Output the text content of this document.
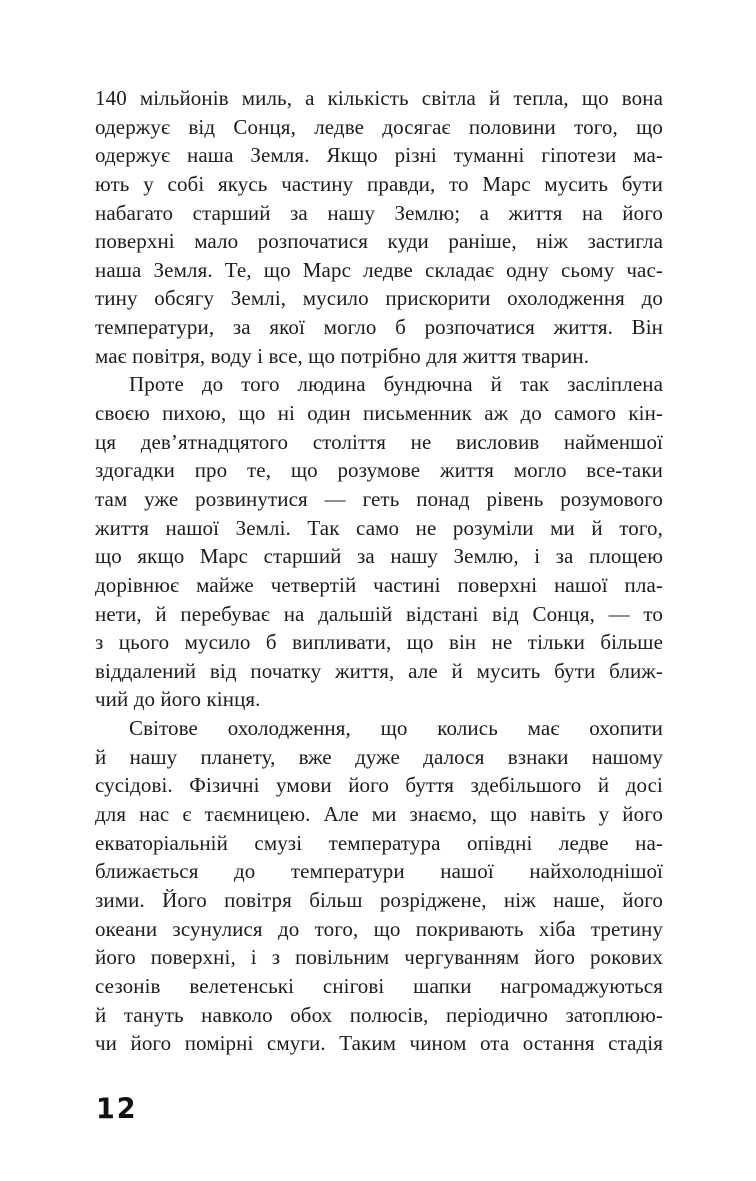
140 мільйонів миль, а кількість світла й тепла, що вона
одержує від Сонця, ледве досягає половини того, що
одержує наша Земля. Якщо різні туманні гіпотези ма-
ють у собі якусь частину правди, то Марс мусить бути
набагато старший за нашу Землю; а життя на його
поверхні мало розпочатися куди раніше, ніж застигла
наша Земля. Те, що Марс ледве складає одну сьому час-
тину обсягу Землі, мусило прискорити охолодження до
температури, за якої могло б розпочатися життя. Він
має повітря, воду і все, що потрібно для життя тварин.
Проте до того людина бундючна й так засліплена
своєю пихою, що ні один письменник аж до самого кін-
ця дев’ятнадцятого століття не висловив найменшої
здогадки про те, що розумове життя могло все-таки
там уже розвинутися — геть понад рівень розумового
життя нашої Землі. Так само не розуміли ми й того,
що якщо Марс старший за нашу Землю, і за площею
дорівнює майже четвертій частині поверхні нашої пла-
нети, й перебуває на дальшій відстані від Сонця, — то
з цього мусило б випливати, що він не тільки більше
віддалений від початку життя, але й мусить бути ближ-
чий до його кінця.
Світове охолодження, що колись має охопити
й нашу планету, вже дуже далося взнаки нашому
сусідові. Фізичні умови його буття здебільшого й досі
для нас є таємницею. Але ми знаємо, що навіть у його
екваторіальній смузі температура опівдні ледве на-
ближається до температури нашої найхолоднішої
зими. Його повітря більш розріджене, ніж наше, його
океани зсунулися до того, що покривають хіба третину
його поверхні, і з повільним чергуванням його рокових
сезонів велетенські снігові шапки нагромаджуються
й тануть навколо обох полюсів, періодично затоплюю-
чи його помірні смуги. Таким чином ота остання стадія
12
